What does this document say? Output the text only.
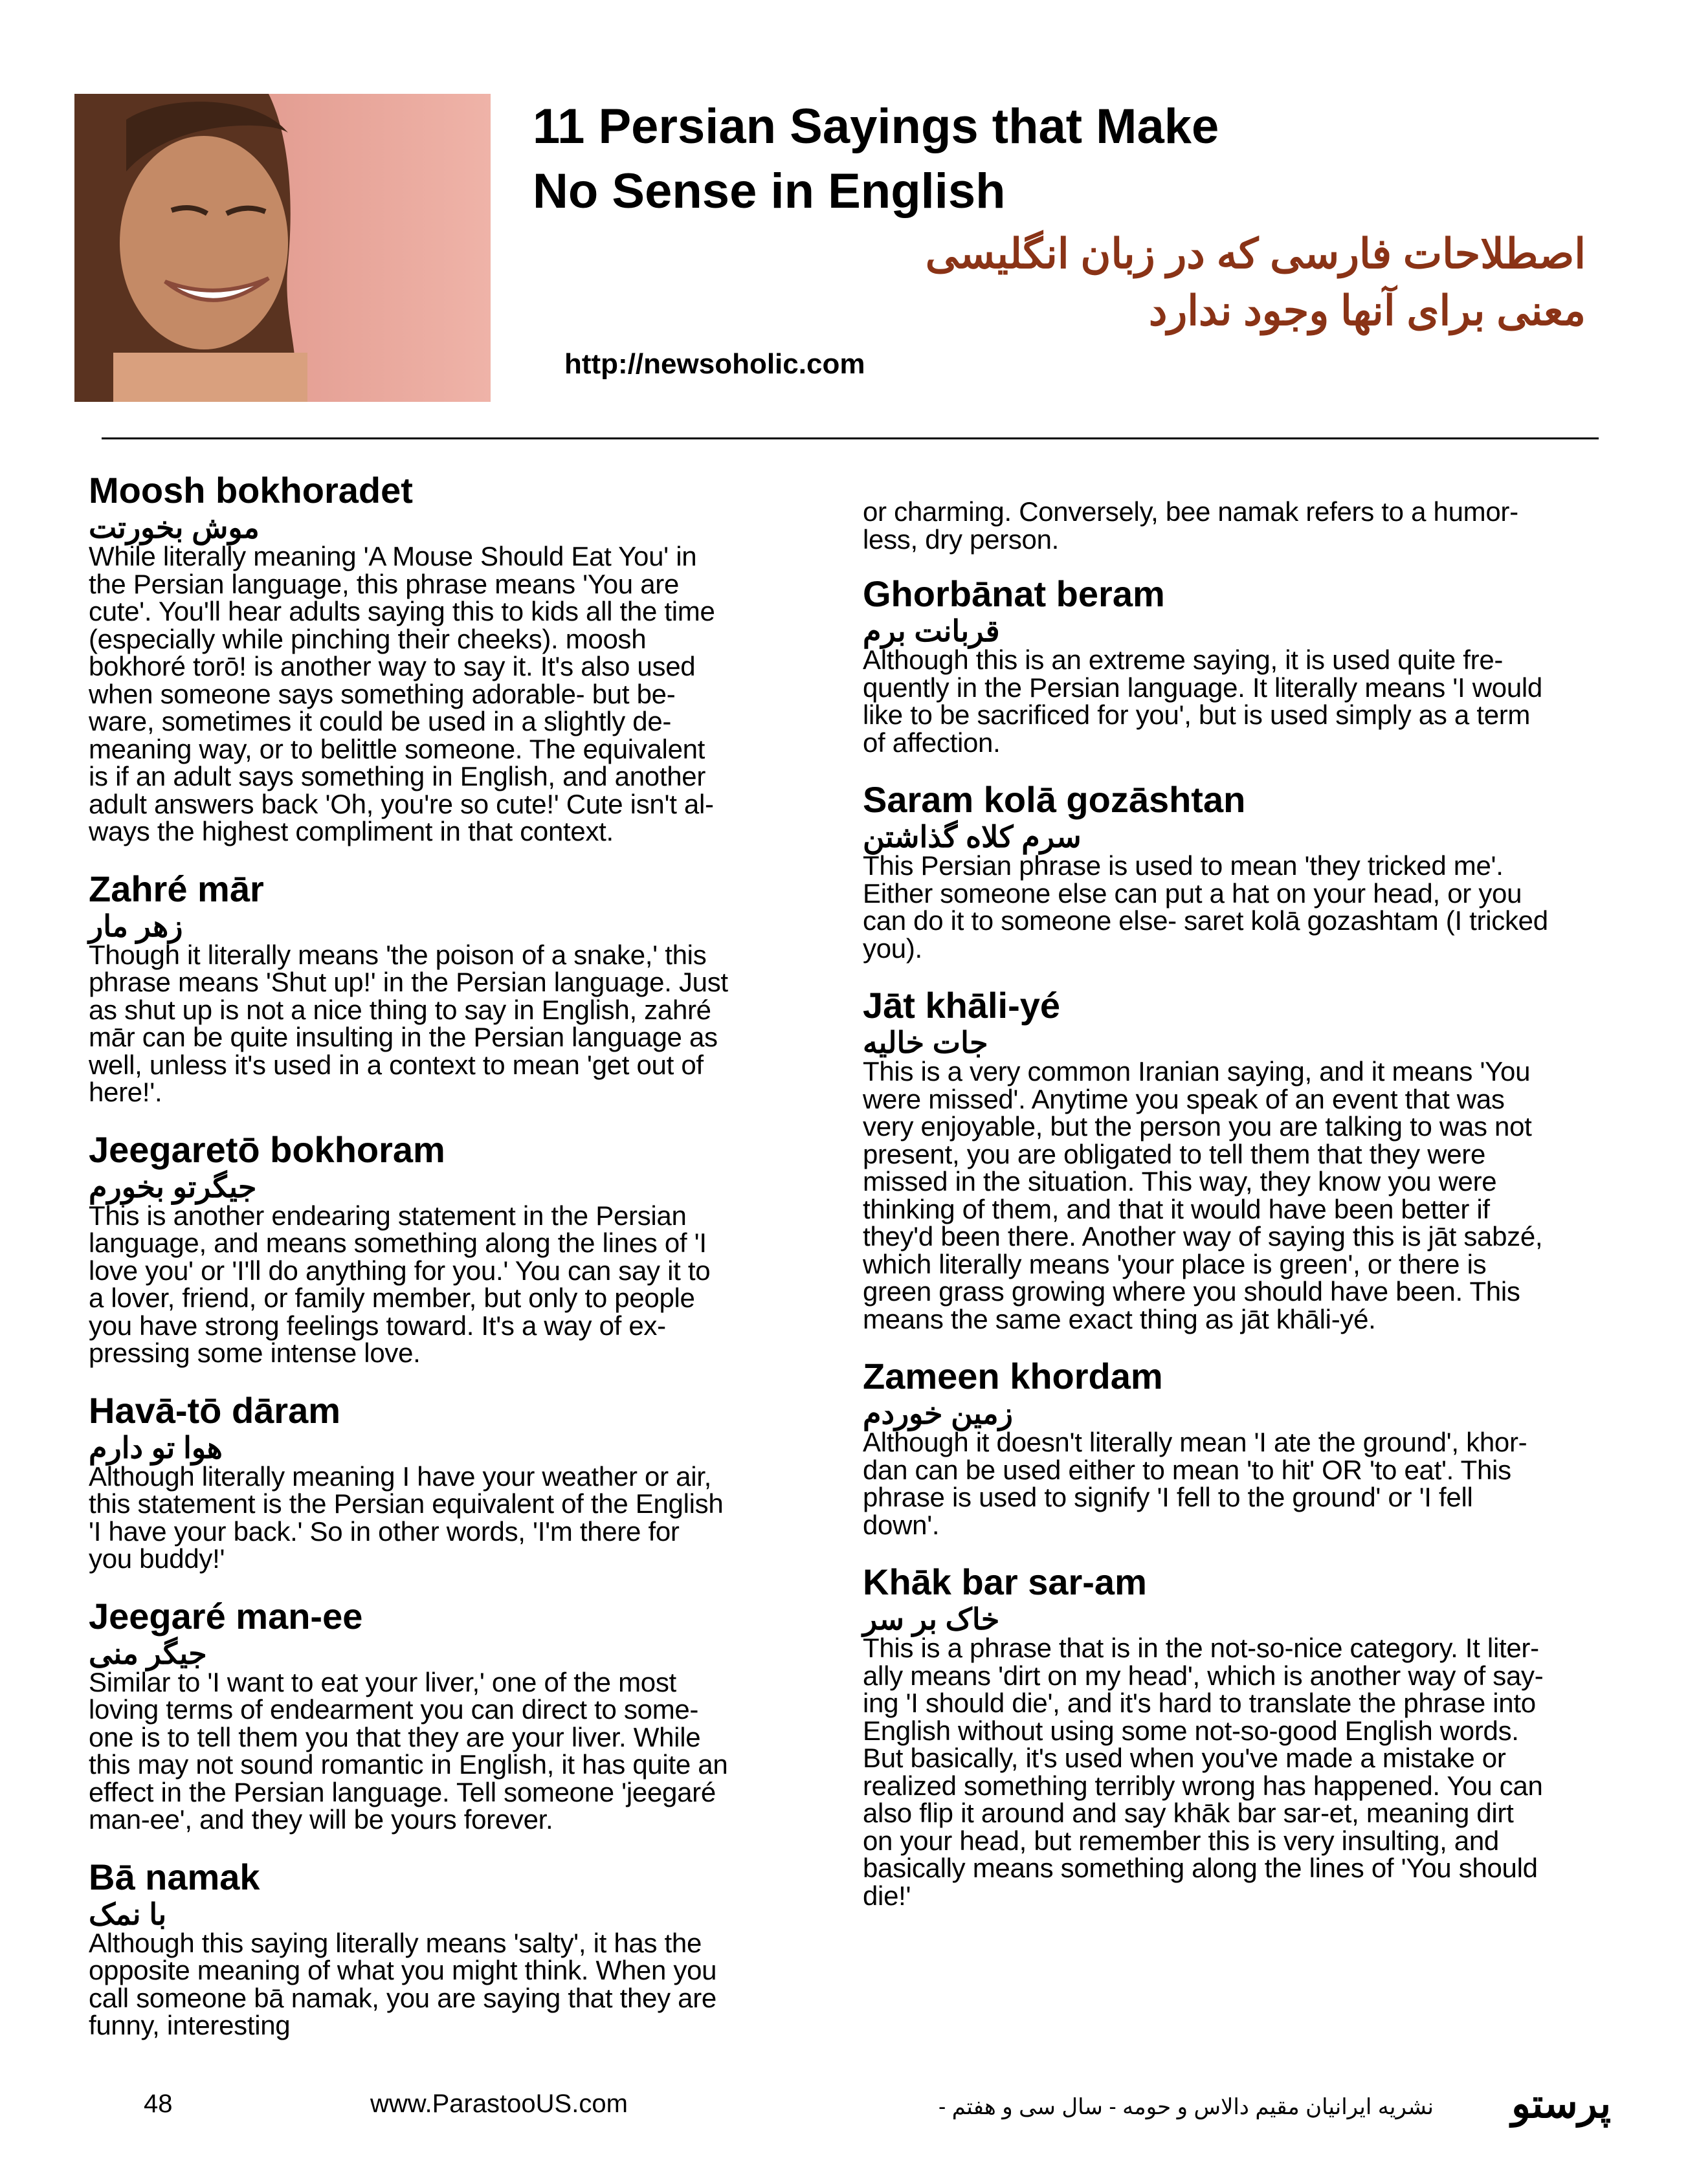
11 Persian Sayings that Make
No Sense in English
اصطلاحات فارسی که در زبان انگلیسی
معنی برای آنها وجود ندارد
http://newsoholic.com
Moosh bokhoradet
موش بخورتت
While literally meaning 'A Mouse Should Eat You' in
the Persian language, this phrase means 'You are
cute'. You'll hear adults saying this to kids all the time
(especially while pinching their cheeks). moosh
bokhoré torō! is another way to say it. It's also used
when someone says something adorable- but be-
ware, sometimes it could be used in a slightly de-
meaning way, or to belittle someone. The equivalent
is if an adult says something in English, and another
adult answers back 'Oh, you're so cute!' Cute isn't al-
ways the highest compliment in that context.
Zahré mār
زهر مار
Though it literally means 'the poison of a snake,' this
phrase means 'Shut up!' in the Persian language. Just
as shut up is not a nice thing to say in English, zahré
mār can be quite insulting in the Persian language as
well, unless it's used in a context to mean 'get out of
here!'.
Jeegaretō bokhoram
جیگرتو بخورم
This is another endearing statement in the Persian
language, and means something along the lines of 'I
love you' or 'I'll do anything for you.' You can say it to
a lover, friend, or family member, but only to people
you have strong feelings toward. It's a way of ex-
pressing some intense love.
Havā-tō dāram
هوا تو دارم
Although literally meaning I have your weather or air,
this statement is the Persian equivalent of the English
'I have your back.' So in other words, 'I'm there for
you buddy!'
Jeegaré man-ee
جیگر منی
Similar to 'I want to eat your liver,' one of the most
loving terms of endearment you can direct to some-
one is to tell them you that they are your liver. While
this may not sound romantic in English, it has quite an
effect in the Persian language. Tell someone 'jeegaré
man-ee', and they will be yours forever.
Bā namak
با نمک
Although this saying literally means 'salty', it has the
opposite meaning of what you might think. When you
call someone bā namak, you are saying that they are
funny, interesting
or charming. Conversely, bee namak refers to a humor-
less, dry person.
Ghorbānat beram
قربانت برم
Although this is an extreme saying, it is used quite fre-
quently in the Persian language. It literally means 'I would
like to be sacrificed for you', but is used simply as a term
of affection.
Saram kolā gozāshtan
سرم کلاه گذاشتن
This Persian phrase is used to mean 'they tricked me'.
Either someone else can put a hat on your head, or you
can do it to someone else- saret kolā gozashtam (I tricked
you).
Jāt khāli-yé
جات خالیه
This is a very common Iranian saying, and it means 'You
were missed'. Anytime you speak of an event that was
very enjoyable, but the person you are talking to was not
present, you are obligated to tell them that they were
missed in the situation. This way, they know you were
thinking of them, and that it would have been better if
they'd been there. Another way of saying this is jāt sabzé,
which literally means 'your place is green', or there is
green grass growing where you should have been. This
means the same exact thing as jāt khāli-yé.
Zameen khordam
زمین خوردم
Although it doesn't literally mean 'I ate the ground', khor-
dan can be used either to mean 'to hit' OR 'to eat'. This
phrase is used to signify 'I fell to the ground' or 'I fell
down'.
Khāk bar sar-am
خاک بر سر
This is a phrase that is in the not-so-nice category. It liter-
ally means 'dirt on my head', which is another way of say-
ing 'I should die', and it's hard to translate the phrase into
English without using some not-so-good English words.
But basically, it's used when you've made a mistake or
realized something terribly wrong has happened. You can
also flip it around and say khāk bar sar-et, meaning dirt
on your head, but remember this is very insulting, and
basically means something along the lines of 'You should
die!'
48	www.ParastooUS.com	نشریه ایرانیان مقیم دالاس و حومه - سال سی و هفتم -	پرستو
